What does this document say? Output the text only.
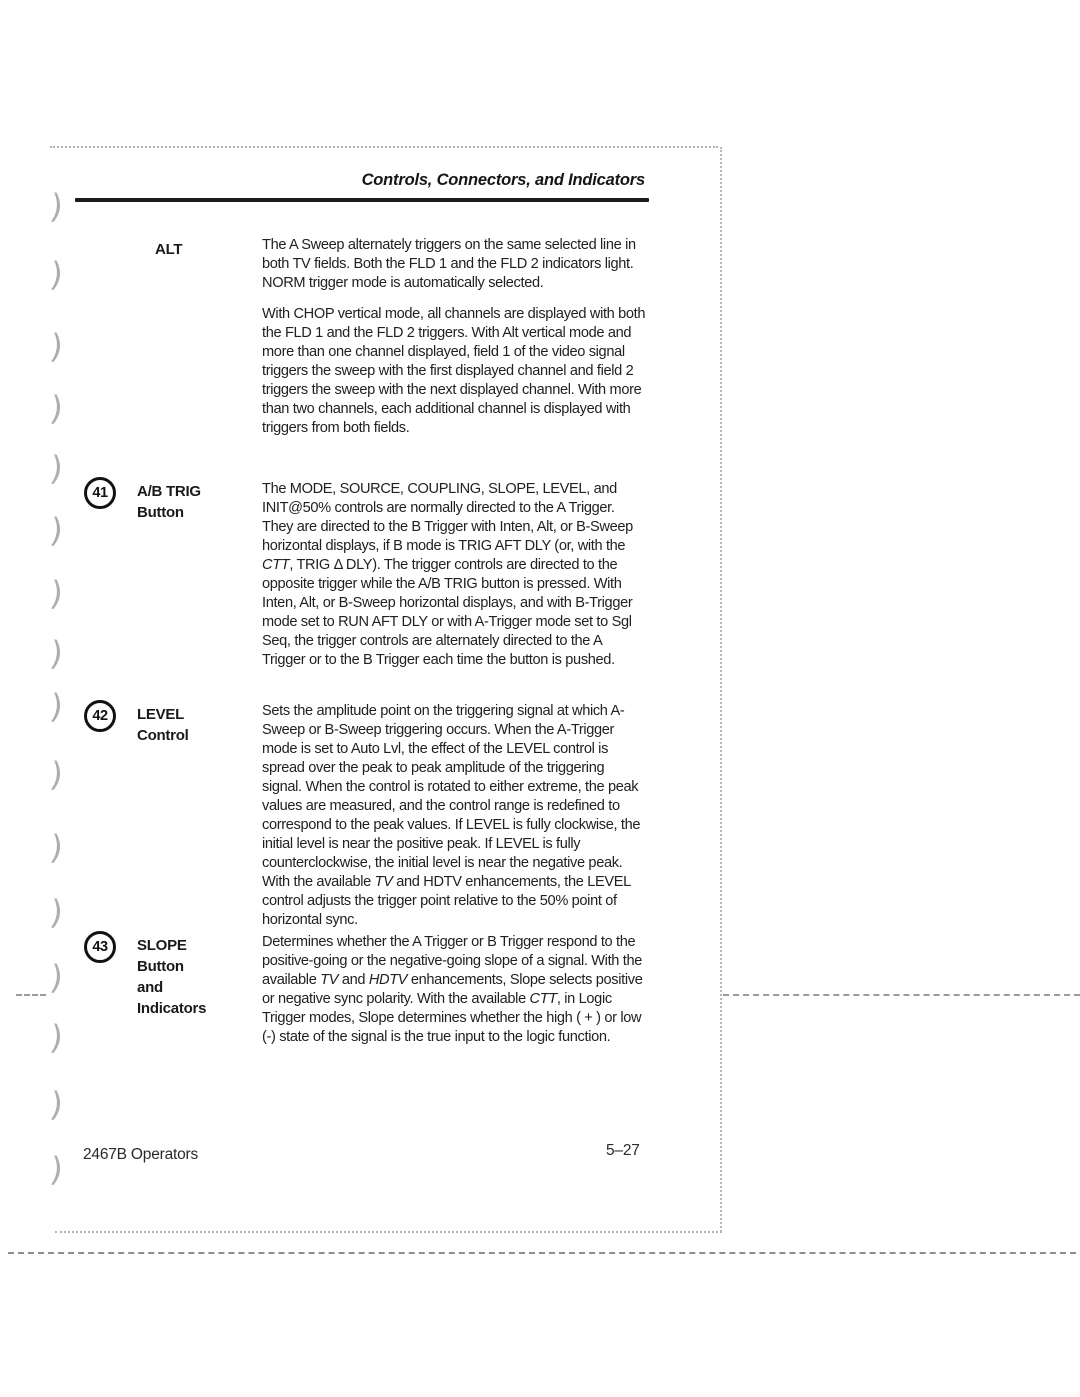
Controls, Connectors, and Indicators
ALT	The A Sweep alternately triggers on the same selected line in both TV fields. Both the FLD 1 and the FLD 2 indicators light. NORM trigger mode is automatically selected.

With CHOP vertical mode, all channels are displayed with both the FLD 1 and the FLD 2 triggers. With Alt vertical mode and more than one channel displayed, field 1 of the video signal triggers the sweep with the first displayed channel and field 2 triggers the sweep with the next displayed channel. With more than two channels, each additional channel is displayed with triggers from both fields.

41	A/B TRIG
Button

The MODE, SOURCE, COUPLING, SLOPE, LEVEL, and INIT@50% controls are normally directed to the A Trigger. They are directed to the B Trigger with Inten, Alt, or B-Sweep horizontal displays, if B mode is TRIG AFT DLY (or, with the CTT, TRIG Δ DLY). The trigger controls are directed to the opposite trigger while the A/B TRIG button is pressed. With Inten, Alt, or B-Sweep horizontal displays, and with B-Trigger mode set to RUN AFT DLY or with A-Trigger mode set to Sgl Seq, the trigger controls are alternately directed to the A Trigger or to the B Trigger each time the button is pushed.

42	LEVEL
Control

Sets the amplitude point on the triggering signal at which A-Sweep or B-Sweep triggering occurs. When the A-Trigger mode is set to Auto Lvl, the effect of the LEVEL control is spread over the peak to peak amplitude of the triggering signal. When the control is rotated to either extreme, the peak values are measured, and the control range is redefined to correspond to the peak values. If LEVEL is fully clockwise, the initial level is near the positive peak. If LEVEL is fully counterclockwise, the initial level is near the negative peak. With the available TV and HDTV enhancements, the LEVEL control adjusts the trigger point relative to the 50% point of horizontal sync.

43	SLOPE
Button
and
Indicators

Determines whether the A Trigger or B Trigger respond to the positive-going or the negative-going slope of a signal. With the available TV and HDTV enhancements, Slope selects positive or negative sync polarity. With the available CTT, in Logic Trigger modes, Slope determines whether the high ( + ) or low (-) state of the signal is the true input to the logic function.

2467B Operators	5–27
)
)
)
)
)
)
)
)
)
)
)
)
)
)
)
)
